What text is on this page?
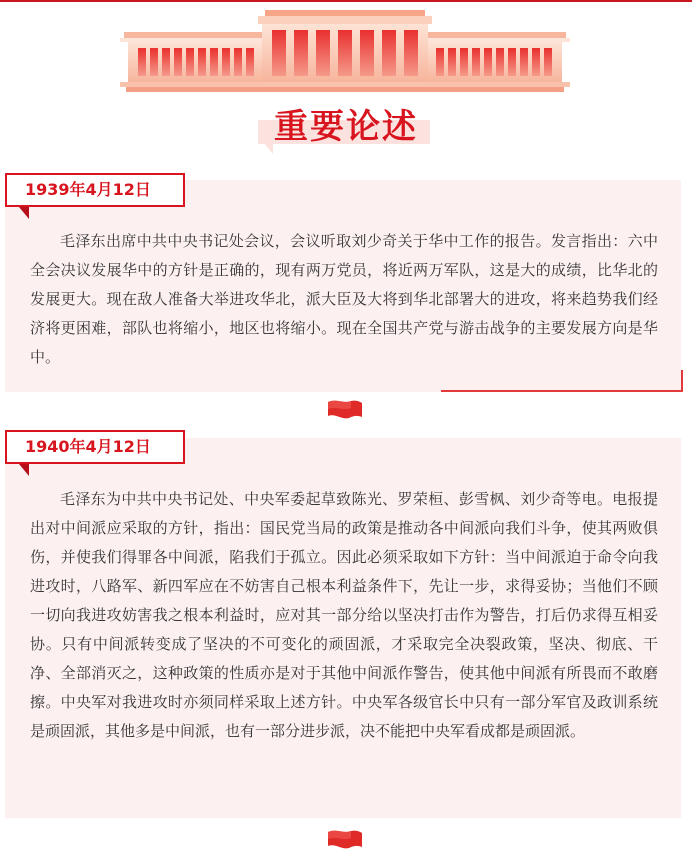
重要论述
1939年4月12日

毛泽东出席中共中央书记处会议，会议听取刘少奇关于华中工作的报告。发言指出：六中全会决议发展华中的方针是正确的，现有两万党员，将近两万军队，这是大的成绩，比华北的发展更大。现在敌人准备大举进攻华北，派大臣及大将到华北部署大的进攻，将来趋势我们经济将更困难，部队也将缩小，地区也将缩小。现在全国共产党与游击战争的主要发展方向是华中。

1940年4月12日

毛泽东为中共中央书记处、中央军委起草致陈光、罗荣桓、彭雪枫、刘少奇等电。电报提出对中间派应采取的方针，指出：国民党当局的政策是推动各中间派向我们斗争，使其两败俱伤，并使我们得罪各中间派，陷我们于孤立。因此必须采取如下方针：当中间派迫于命令向我进攻时，八路军、新四军应在不妨害自己根本利益条件下，先让一步，求得妥协；当他们不顾一切向我进攻妨害我之根本利益时，应对其一部分给以坚决打击作为警告，打后仍求得互相妥协。只有中间派转变成了坚决的不可变化的顽固派，才采取完全决裂政策，坚决、彻底、干净、全部消灭之，这种政策的性质亦是对于其他中间派作警告，使其他中间派有所畏而不敢磨擦。中央军对我进攻时亦须同样采取上述方针。中央军各级官长中只有一部分军官及政训系统是顽固派，其他多是中间派，也有一部分进步派，决不能把中央军看成都是顽固派。
